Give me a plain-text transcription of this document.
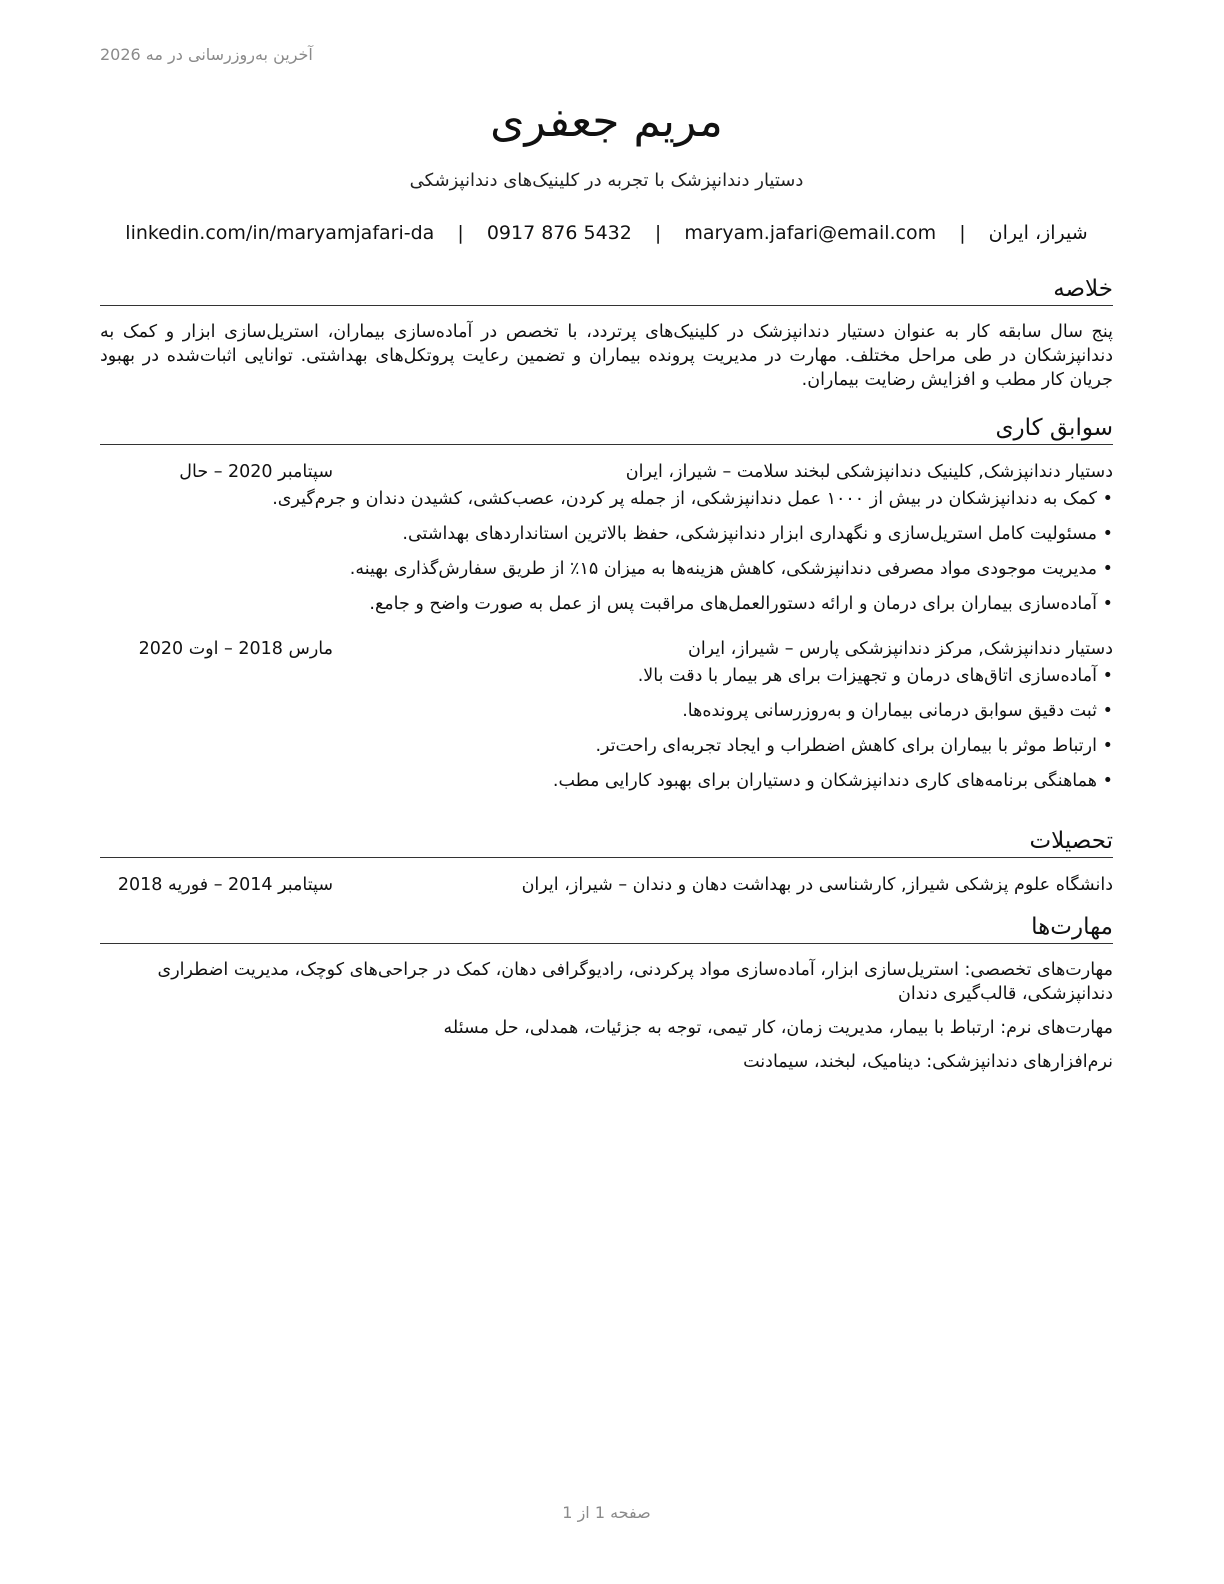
آخرین به‌روزرسانی در مه 2026
مریم جعفری
دستیار دندانپزشک با تجربه در کلینیک‌های دندانپزشکی
شیراز، ایران | maryam.jafari@email.com | 0917 876 5432 | linkedin.com/in/maryamjafari-da
خلاصه

پنج سال سابقه کار به عنوان دستیار دندانپزشک در کلینیک‌های پرتردد، با تخصص در آماده‌سازی بیماران، استریل‌سازی ابزار و کمک به دندانپزشکان در طی مراحل مختلف. مهارت در مدیریت پرونده بیماران و تضمین رعایت پروتکل‌های بهداشتی. توانایی اثبات‌شده در بهبود جریان کار مطب و افزایش رضایت بیماران.

سوابق کاری
دستیار دندانپزشک, کلینیک دندانپزشکی لبخند سلامت – شیراز، ایران
سپتامبر 2020 – حال
•
کمک به دندانپزشکان در بیش از ۱۰۰۰ عمل دندانپزشکی، از جمله پر کردن، عصب‌کشی، کشیدن دندان و جرم‌گیری.
•
مسئولیت کامل استریل‌سازی و نگهداری ابزار دندانپزشکی، حفظ بالاترین استانداردهای بهداشتی.
•
مدیریت موجودی مواد مصرفی دندانپزشکی، کاهش هزینه‌ها به میزان ۱۵٪ از طریق سفارش‌گذاری بهینه.
•
آماده‌سازی بیماران برای درمان و ارائه دستورالعمل‌های مراقبت پس از عمل به صورت واضح و جامع.
دستیار دندانپزشک, مرکز دندانپزشکی پارس – شیراز، ایران
مارس 2018 – اوت 2020
•
آماده‌سازی اتاق‌های درمان و تجهیزات برای هر بیمار با دقت بالا.
•
ثبت دقیق سوابق درمانی بیماران و به‌روزرسانی پرونده‌ها.
•
ارتباط موثر با بیماران برای کاهش اضطراب و ایجاد تجربه‌ای راحت‌تر.
•
هماهنگی برنامه‌های کاری دندانپزشکان و دستیاران برای بهبود کارایی مطب.
تحصیلات
دانشگاه علوم پزشکی شیراز, کارشناسی در بهداشت دهان و دندان – شیراز، ایران
سپتامبر 2014 – فوریه 2018
مهارت‌ها
مهارت‌های تخصصی: استریل‌سازی ابزار، آماده‌سازی مواد پرکردنی، رادیوگرافی دهان، کمک در جراحی‌های کوچک، مدیریت اضطراری دندانپزشکی، قالب‌گیری دندان
مهارت‌های نرم: ارتباط با بیمار، مدیریت زمان، کار تیمی، توجه به جزئیات، همدلی، حل مسئله
نرم‌افزارهای دندانپزشکی: دینامیک، لبخند، سیمادنت
صفحه 1 از 1
